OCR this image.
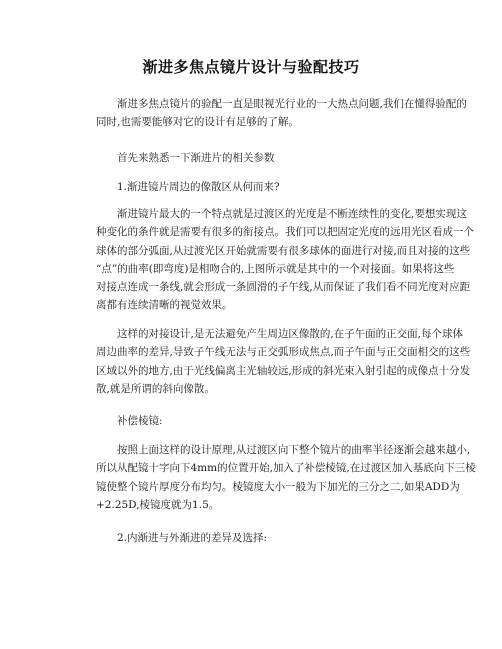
渐进多焦点镜片设计与验配技巧
渐进多焦点镜片的验配一直是眼视光行业的一大热点问题,我们在懂得验配的
同时,也需要能够对它的设计有足够的了解。
首先来熟悉一下渐进片的相关参数
1.渐进镜片周边的像散区从何而来?
渐进镜片最大的一个特点就是过渡区的光度是不断连续性的变化,要想实现这
种变化的条件就是需要有很多的衔接点。我们可以把固定光度的远用光区看成一个
球体的部分弧面,从过渡光区开始就需要有很多球体的面进行对接,而且对接的这些
“点”的曲率(即弯度)是相吻合的,上图所示就是其中的一个对接面。如果将这些
对接点连成一条线,就会形成一条圆滑的子午线,从而保证了我们看不同光度对应距
离都有连续清晰的视觉效果。
这样的对接设计,是无法避免产生周边区像散的,在子午面的正交面,每个球体
周边曲率的差异,导致子午线无法与正交弧形成焦点,而子午面与正交面相交的这些
区域以外的地方,由于光线偏离主光轴较远,形成的斜光束入射引起的成像点十分发
散,就是所谓的斜向像散。
补偿棱镜:
按照上面这样的设计原理,从过渡区向下整个镜片的曲率半径逐渐会越来越小,
所以从配镜十字向下4mm的位置开始,加入了补偿棱镜,在过渡区加入基底向下三棱
镜使整个镜片厚度分布均匀。棱镜度大小一般为下加光的三分之二,如果ADD为
+2.25D,棱镜度就为1.5。
2.内渐进与外渐进的差异及选择:
